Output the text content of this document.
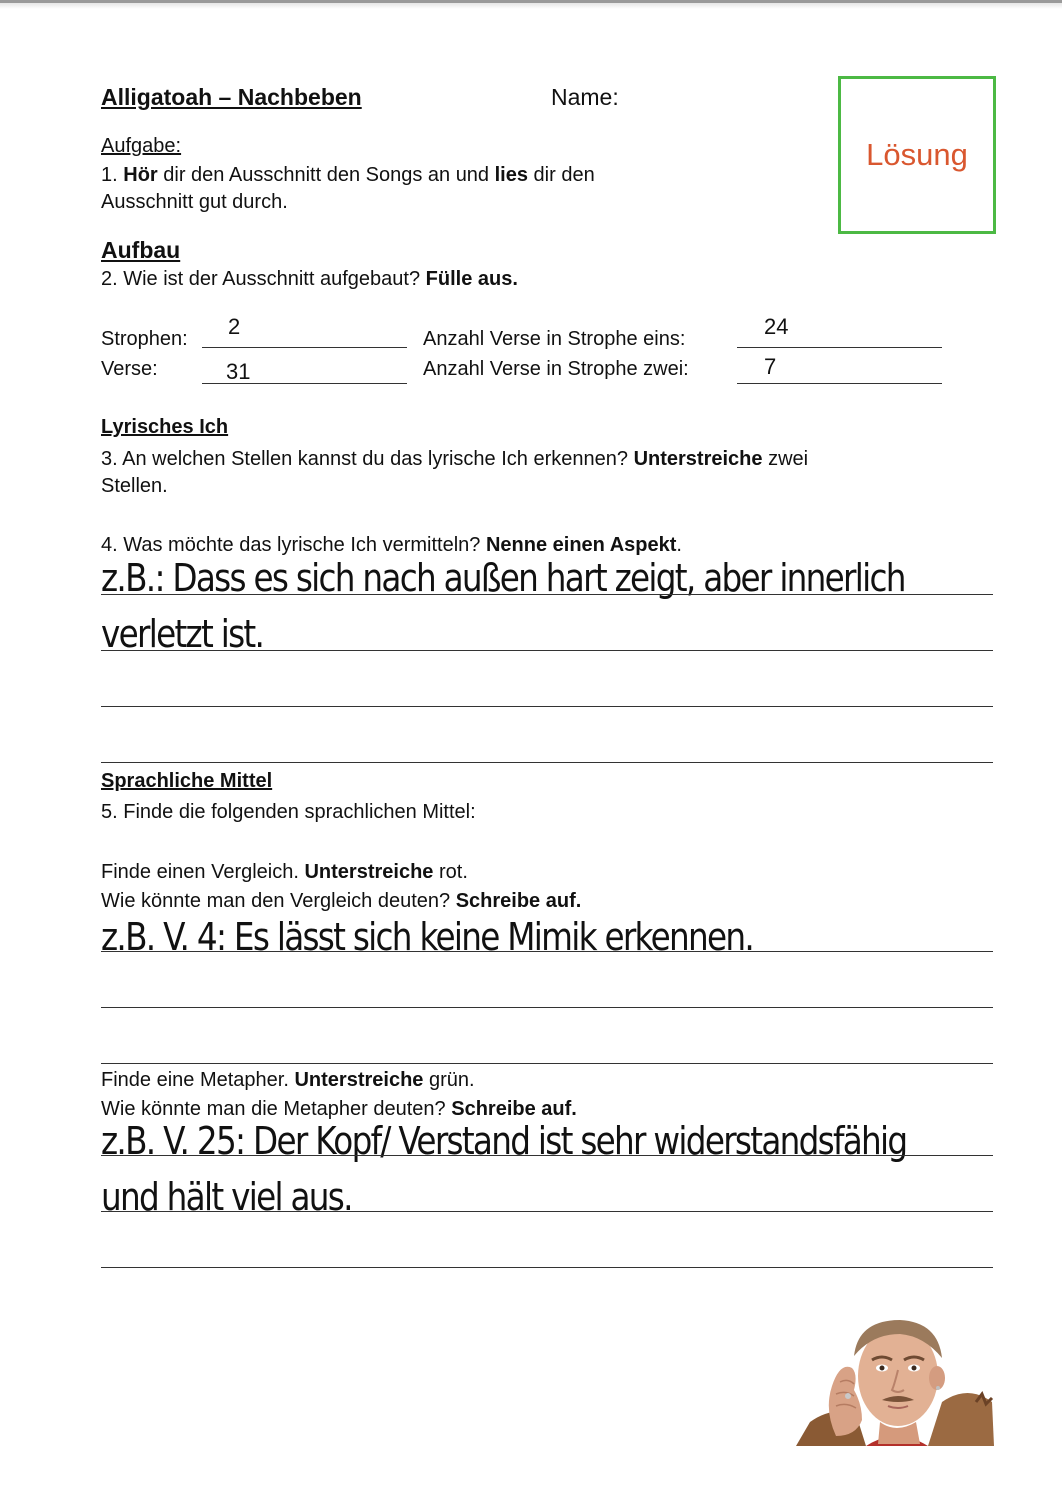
Alligatoah – Nachbeben	Name:
Lösung
Aufgabe:
1. Hör dir den Ausschnitt den Songs an und lies dir den
Ausschnitt gut durch.
Aufbau
2. Wie ist der Ausschnitt aufgebaut? Fülle aus.
Strophen: 2
Verse:	31
Anzahl Verse in Strophe eins:	24
Anzahl Verse in Strophe zwei:	7
Lyrisches Ich
3. An welchen Stellen kannst du das lyrische Ich erkennen? Unterstreiche zwei
Stellen.
4. Was möchte das lyrische Ich vermitteln? Nenne einen Aspekt.
z.B.: Dass es sich nach außen hart zeigt, aber innerlich
verletzt ist.
Sprachliche Mittel
5. Finde die folgenden sprachlichen Mittel:
Finde einen Vergleich. Unterstreiche rot.
Wie könnte man den Vergleich deuten? Schreibe auf.
z.B. V. 4: Es lässt sich keine Mimik erkennen.
Finde eine Metapher. Unterstreiche grün.
Wie könnte man die Metapher deuten? Schreibe auf.
z.B. V. 25: Der Kopf/ Verstand ist sehr widerstandsfähig
und hält viel aus.
